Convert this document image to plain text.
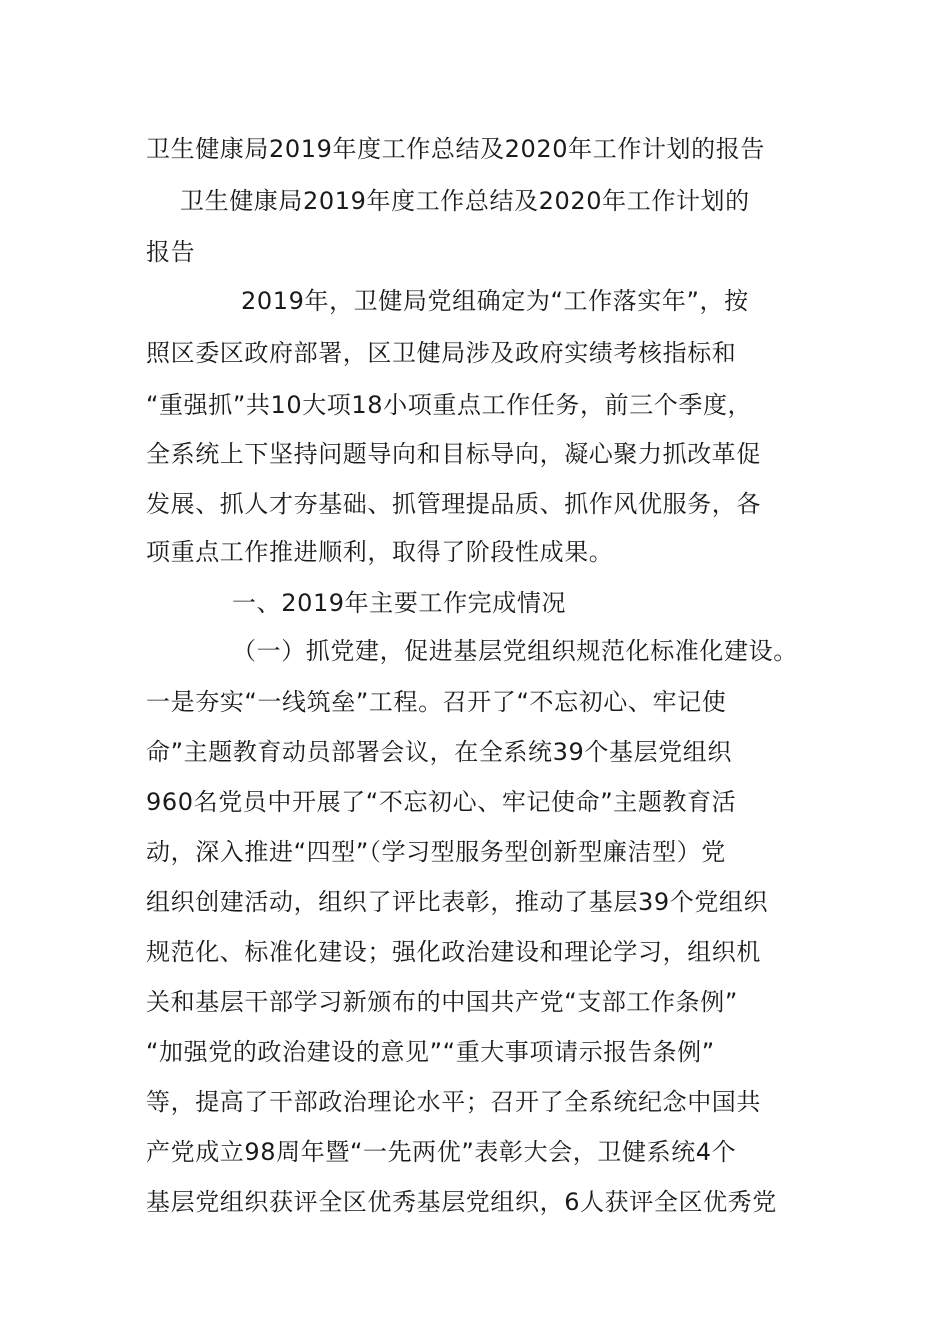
卫生健康局2019年度工作总结及2020年工作计划的报告
卫生健康局2019年度工作总结及2020年工作计划的
报告
2019年，卫健局党组确定为“工作落实年”，按
照区委区政府部署，区卫健局涉及政府实绩考核指标和
“重强抓”共10大项18小项重点工作任务，前三个季度，
全系统上下坚持问题导向和目标导向，凝心聚力抓改革促
发展、抓人才夯基础、抓管理提品质、抓作风优服务，各
项重点工作推进顺利，取得了阶段性成果。
一、2019年主要工作完成情况
（一）抓党建，促进基层党组织规范化标准化建设。
一是夯实“一线筑垒”工程。召开了“不忘初心、牢记使
命”主题教育动员部署会议，在全系统39个基层党组织
960名党员中开展了“不忘初心、牢记使命”主题教育活
动，深入推进“四型”（学习型服务型创新型廉洁型）党
组织创建活动，组织了评比表彰，推动了基层39个党组织
规范化、标准化建设；强化政治建设和理论学习，组织机
关和基层干部学习新颁布的中国共产党“支部工作条例”
“加强党的政治建设的意见”“重大事项请示报告条例”
等，提高了干部政治理论水平；召开了全系统纪念中国共
产党成立98周年暨“一先两优”表彰大会，卫健系统4个
基层党组织获评全区优秀基层党组织，6人获评全区优秀党
